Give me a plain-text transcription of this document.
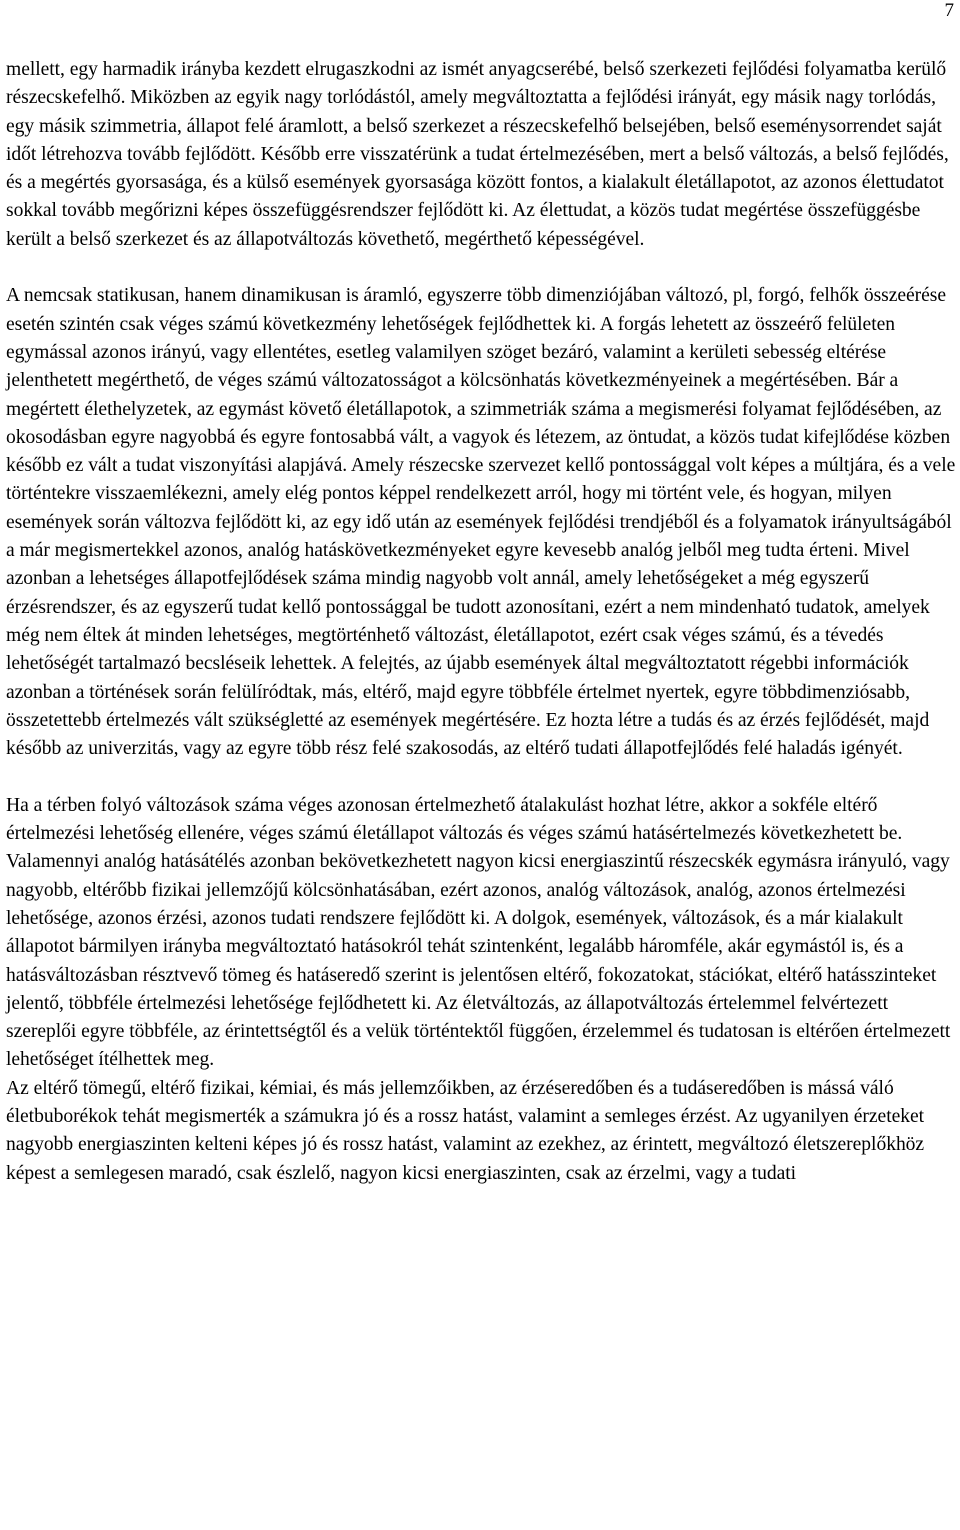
7

mellett, egy harmadik irányba kezdett elrugaszkodni az ismét anyagcserébé, belső szerkezeti fejlődési folyamatba kerülő részecskefelhő. Miközben az egyik nagy torlódástól, amely megváltoztatta a fejlődési irányát, egy másik nagy torlódás, egy másik szimmetria, állapot felé áramlott, a belső szerkezet a részecskefelhő belsejében, belső eseménysorrendet saját időt létrehozva tovább fejlődött. Később erre visszatérünk a tudat értelmezésében, mert a belső változás, a belső fejlődés, és a megértés gyorsasága, és a külső események gyorsasága között fontos, a kialakult életállapotot, az azonos élettudatot sokkal tovább megőrizni képes összefüggésrendszer fejlődött ki. Az élettudat, a közös tudat megértése összefüggésbe került a belső szerkezet és az állapotváltozás követhető, megérthető képességével.

A nemcsak statikusan, hanem dinamikusan is áramló, egyszerre több dimenziójában változó, pl, forgó, felhők összeérése esetén szintén csak véges számú következmény lehetőségek fejlődhettek ki. A forgás lehetett az összeérő felületen egymással azonos irányú, vagy ellentétes, esetleg valamilyen szöget bezáró, valamint a kerületi sebesség eltérése jelenthetett megérthető, de véges számú változatosságot a kölcsönhatás következményeinek a megértésében. Bár a megértett élethelyzetek, az egymást követő életállapotok, a szimmetriák száma a megismerési folyamat fejlődésében, az okosodásban egyre nagyobbá és egyre fontosabbá vált, a vagyok és létezem, az öntudat, a közös tudat kifejlődése közben később ez vált a tudat viszonyítási alapjává. Amely részecske szervezet kellő pontossággal volt képes a múltjára, és a vele történtekre visszaemlékezni, amely elég pontos képpel rendelkezett arról, hogy mi történt vele, és hogyan, milyen események során változva fejlődött ki, az egy idő után az események fejlődési trendjéből és a folyamatok irányultságából a már megismertekkel azonos, analóg hatáskövetkezményeket egyre kevesebb analóg jelből meg tudta érteni. Mivel azonban a lehetséges állapotfejlődések száma mindig nagyobb volt annál, amely lehetőségeket a még egyszerű érzésrendszer, és az egyszerű tudat kellő pontossággal be tudott azonosítani, ezért a nem mindenható tudatok, amelyek még nem éltek át minden lehetséges, megtörténhető változást, életállapotot, ezért csak véges számú, és a tévedés lehetőségét tartalmazó becsléseik lehettek. A felejtés, az újabb események által megváltoztatott régebbi információk azonban a történések során felülíródtak, más, eltérő, majd egyre többféle értelmet nyertek, egyre többdimenziósabb, összetettebb értelmezés vált szükségletté az események megértésére. Ez hozta létre a tudás és az érzés fejlődését, majd később az univerzitás, vagy az egyre több rész felé szakosodás, az eltérő tudati állapotfejlődés felé haladás igényét.

Ha a térben folyó változások száma véges azonosan értelmezhető átalakulást hozhat létre, akkor a sokféle eltérő értelmezési lehetőség ellenére, véges számú életállapot változás és véges számú hatásértelmezés következhetett be. Valamennyi analóg hatásátélés azonban bekövetkezhetett nagyon kicsi energiaszintű részecskék egymásra irányuló, vagy nagyobb, eltérőbb fizikai jellemzőjű kölcsönhatásában, ezért azonos, analóg változások, analóg, azonos értelmezési lehetősége, azonos érzési, azonos tudati rendszere fejlődött ki. A dolgok, események, változások, és a már kialakult állapotot bármilyen irányba megváltoztató hatásokról tehát szintenként, legalább háromféle, akár egymástól is, és a hatásváltozásban résztvevő tömeg és hatáseredő szerint is jelentősen eltérő, fokozatokat, stációkat, eltérő hatásszinteket jelentő, többféle értelmezési lehetősége fejlődhetett ki. Az életváltozás, az állapotváltozás értelemmel felvértezett szereplői egyre többféle, az érintettségtől és a velük történtektől függően, érzelemmel és tudatosan is eltérően értelmezett lehetőséget ítélhettek meg.

Az eltérő tömegű, eltérő fizikai, kémiai, és más jellemzőikben, az érzéseredőben és a tudáseredőben is mássá váló életbuborékok tehát megismerték a számukra jó és a rossz hatást, valamint a semleges érzést. Az ugyanilyen érzeteket nagyobb energiaszinten kelteni képes jó és rossz hatást, valamint az ezekhez, az érintett, megváltozó életszereplőkhöz képest a semlegesen maradó, csak észlelő, nagyon kicsi energiaszinten, csak az érzelmi, vagy a tudati
